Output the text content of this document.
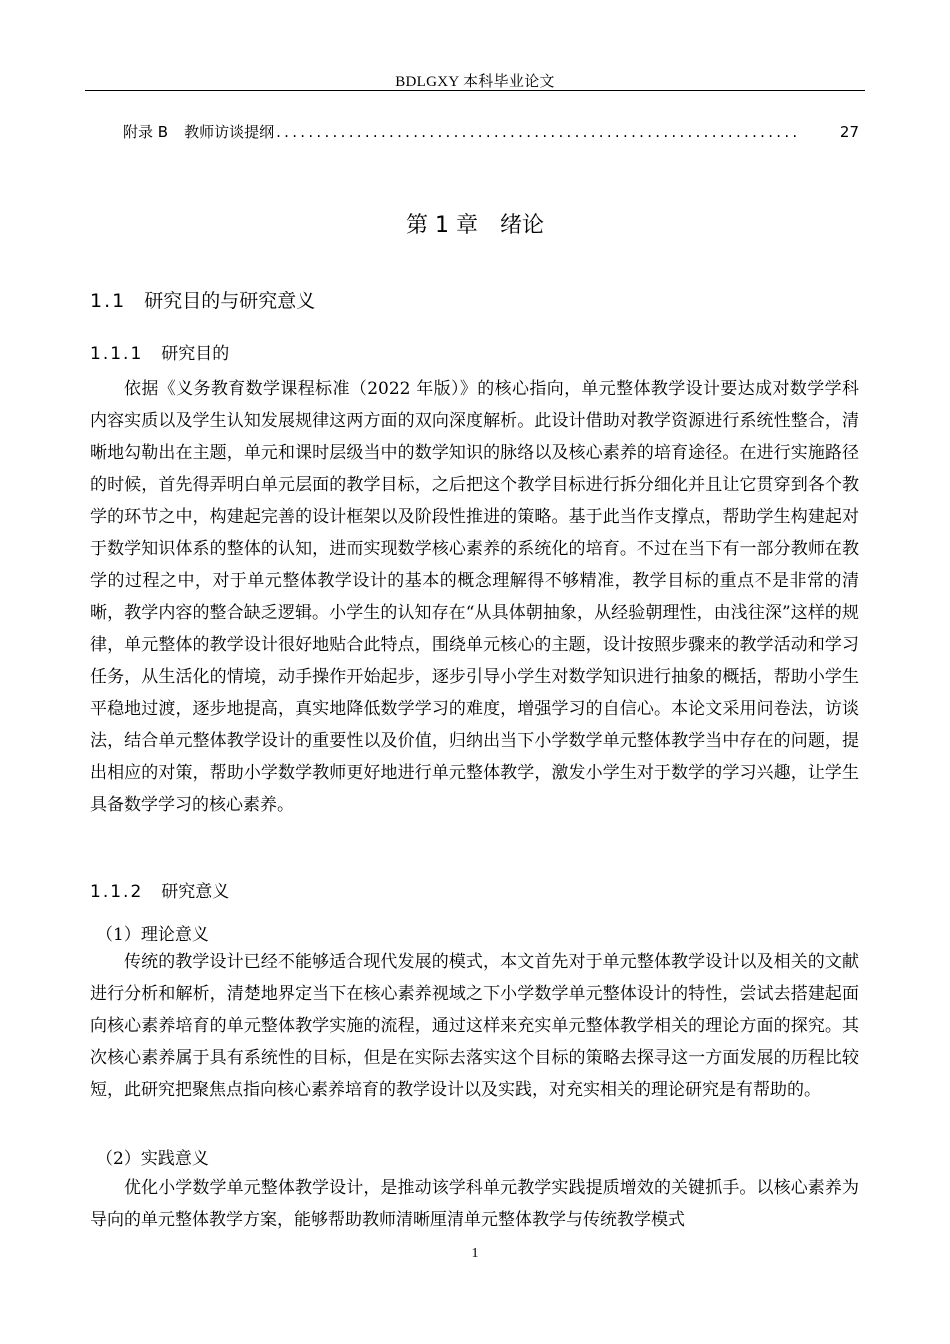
BDLGXY 本科毕业论文
附录 B 教师访谈提纲 .................................................................	27
第 1 章　绪论
1.1 研究目的与研究意义
1.1.1 研究目的

依据《义务教育数学课程标准（2022 年版）》的核心指向，单元整体教学设计要达成对数学学科内容实质以及学生认知发展规律这两方面的双向深度解析。此设计借助对教学资源进行系统性整合，清晰地勾勒出在主题，单元和课时层级当中的数学知识的脉络以及核心素养的培育途径。在进行实施路径的时候，首先得弄明白单元层面的教学目标，之后把这个教学目标进行拆分细化并且让它贯穿到各个教学的环节之中，构建起完善的设计框架以及阶段性推进的策略。基于此当作支撑点，帮助学生构建起对于数学知识体系的整体的认知，进而实现数学核心素养的系统化的培育。不过在当下有一部分教师在教学的过程之中，对于单元整体教学设计的基本的概念理解得不够精准，教学目标的重点不是非常的清晰，教学内容的整合缺乏逻辑。小学生的认知存在“从具体朝抽象，从经验朝理性，由浅往深”这样的规律，单元整体的教学设计很好地贴合此特点，围绕单元核心的主题，设计按照步骤来的教学活动和学习任务，从生活化的情境，动手操作开始起步，逐步引导小学生对数学知识进行抽象的概括，帮助小学生平稳地过渡，逐步地提高，真实地降低数学学习的难度，增强学习的自信心。本论文采用问卷法，访谈法，结合单元整体教学设计的重要性以及价值，归纳出当下小学数学单元整体教学当中存在的问题，提出相应的对策，帮助小学数学教师更好地进行单元整体教学，激发小学生对于数学的学习兴趣，让学生具备数学学习的核心素养。

1.1.2 研究意义
（1）理论意义

传统的教学设计已经不能够适合现代发展的模式，本文首先对于单元整体教学设计以及相关的文献进行分析和解析，清楚地界定当下在核心素养视域之下小学数学单元整体设计的特性，尝试去搭建起面向核心素养培育的单元整体教学实施的流程，通过这样来充实单元整体教学相关的理论方面的探究。其次核心素养属于具有系统性的目标，但是在实际去落实这个目标的策略去探寻这一方面发展的历程比较短，此研究把聚焦点指向核心素养培育的教学设计以及实践，对充实相关的理论研究是有帮助的。

（2）实践意义

优化小学数学单元整体教学设计，是推动该学科单元教学实践提质增效的关键抓手。以核心素养为导向的单元整体教学方案，能够帮助教师清晰厘清单元整体教学与传统教学模式

1
